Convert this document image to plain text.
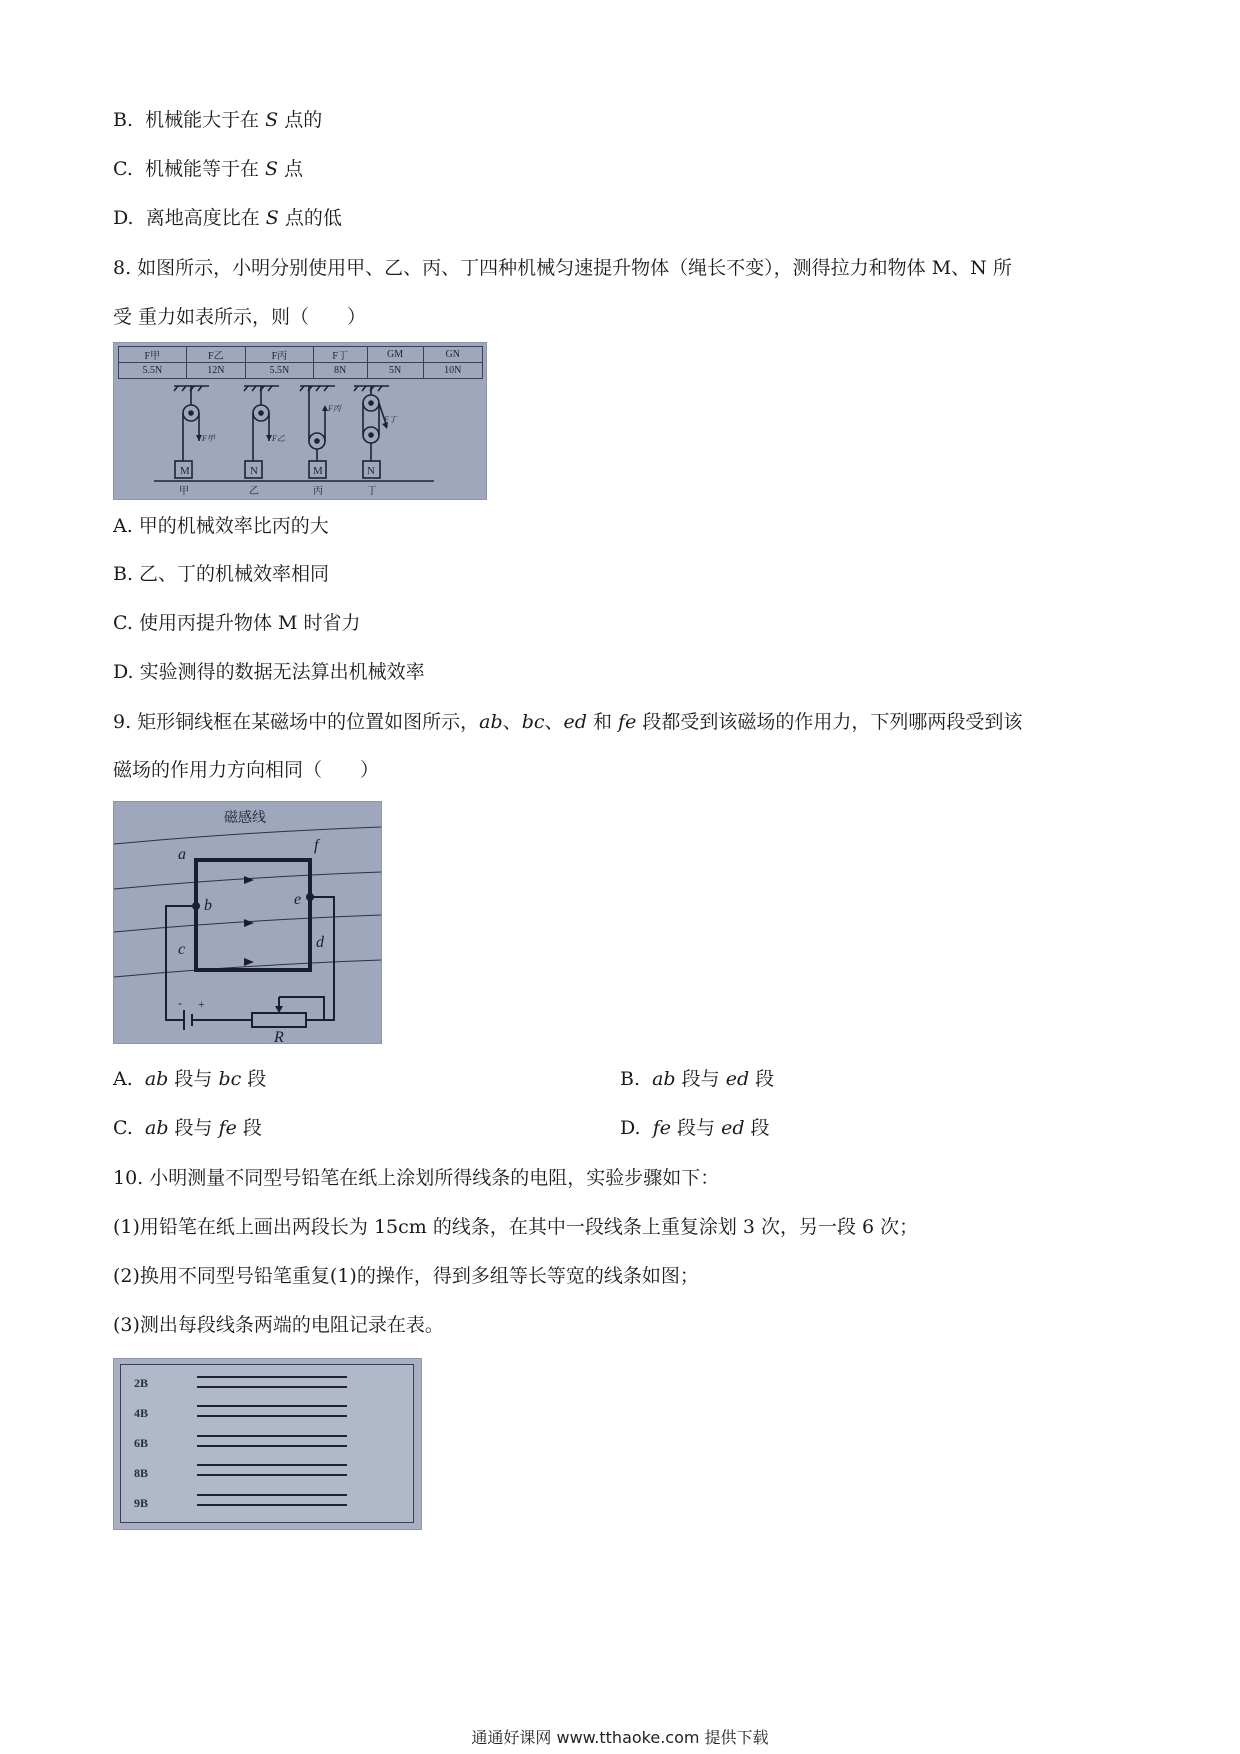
B. 机械能大于在 S 点的
C. 机械能等于在 S 点
D. 离地高度比在 S 点的低
8. 如图所示，小明分别使用甲、乙、丙、丁四种机械匀速提升物体（绳长不变），测得拉力和物体 M、N 所
受 重力如表所示，则（　　）
F甲	F乙	F丙	F丁	GM	GN
5.5N	12N	5.5N	8N	5N	10N
F甲	F乙
F丙
F丁
M	N	M	N
甲	乙	丙	丁
A. 甲的机械效率比丙的大
B. 乙、丁的机械效率相同
C. 使用丙提升物体 M 时省力
D. 实验测得的数据无法算出机械效率
9. 矩形铜线框在某磁场中的位置如图所示，ab、bc、ed 和 fe 段都受到该磁场的作用力，下列哪两段受到该
磁场的作用力方向相同（　　）
磁感线
a
b
c	d
e
f
R
- +
A. ab 段与 bc 段	B. ab 段与 ed 段
C. ab 段与 fe 段	D. fe 段与 ed 段
10. 小明测量不同型号铅笔在纸上涂划所得线条的电阻，实验步骤如下：
(1)用铅笔在纸上画出两段长为 15cm 的线条，在其中一段线条上重复涂划 3 次，另一段 6 次；
(2)换用不同型号铅笔重复(1)的操作，得到多组等长等宽的线条如图；
(3)测出每段线条两端的电阻记录在表。
2B
4B
6B
8B
9B
通通好课网 www.tthaoke.com 提供下载
